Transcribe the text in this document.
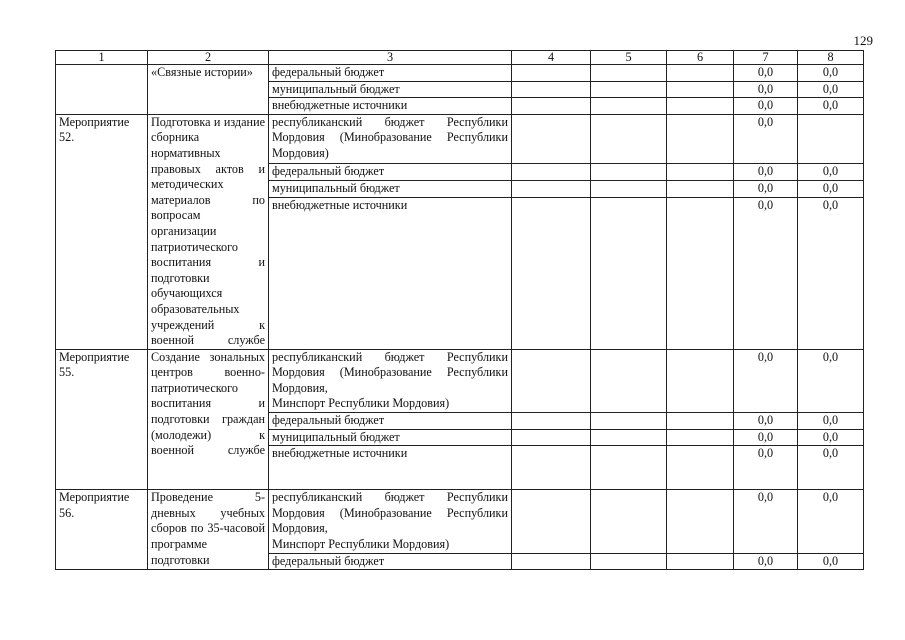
129
1	2	3	4	5	6	7	8
	«Связные истории»	федеральный бюджет				0,0	0,0
		муниципальный бюджет				0,0	0,0
		внебюджетные источники				0,0	0,0
Мероприятие 52.	Подготовка и издание сборника нормативных правовых актов и методических материалов по вопросам организации патриотического воспитания и подготовки обучающихся образовательных учреждений к военной службе	республиканский бюджет Республики Мордовия (Минобразование Республики Мордовия)				0,0	
		федеральный бюджет				0,0	0,0
		муниципальный бюджет				0,0	0,0
		внебюджетные источники				0,0	0,0
Мероприятие 55.	Создание зональных центров военно-патриотического воспитания и подготовки граждан (молодежи) к военной службе	республиканский бюджет Республики Мордовия (Минобразование Республики Мордовия,
Минспорт Республики Мордовия)				0,0	0,0
		федеральный бюджет				0,0	0,0
		муниципальный бюджет				0,0	0,0
		внебюджетные источники				0,0	0,0
Мероприятие 56.	Проведение 5-дневных учебных сборов по 35-часовой программе подготовки	республиканский бюджет Республики Мордовия (Минобразование Республики Мордовия,
Минспорт Республики Мордовия)				0,0	0,0
		федеральный бюджет				0,0	0,0
